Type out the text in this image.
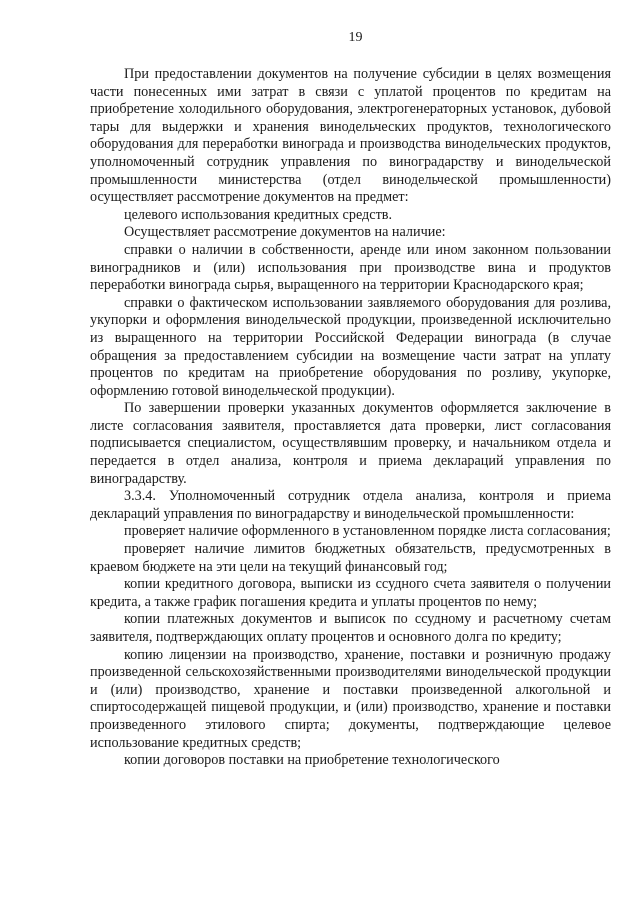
19

При предоставлении документов на получение субсидии в целях возмещения части понесенных ими затрат в связи с уплатой процентов по кредитам на приобретение холодильного оборудования, электрогенераторных установок, дубовой тары для выдержки и хранения винодельческих продуктов, технологического оборудования для переработки винограда и производства винодельческих продуктов, уполномоченный сотрудник управления по виноградарству и винодельческой промышленности министерства (отдел винодельческой промышленности) осуществляет рассмотрение документов на предмет:

целевого использования кредитных средств.

Осуществляет рассмотрение документов на наличие:

справки о наличии в собственности, аренде или ином законном пользовании виноградников и (или) использования при производстве вина и продуктов переработки винограда сырья, выращенного на территории Краснодарского края;

справки о фактическом использовании заявляемого оборудования для розлива, укупорки и оформления винодельческой продукции, произведенной исключительно из выращенного на территории Российской Федерации винограда (в случае обращения за предоставлением субсидии на возмещение части затрат на уплату процентов по кредитам на приобретение оборудования по розливу, укупорке, оформлению готовой винодельческой продукции).

По завершении проверки указанных документов оформляется заключение в листе согласования заявителя, проставляется дата проверки, лист согласования подписывается специалистом, осуществлявшим проверку, и начальником отдела и передается в отдел анализа, контроля и приема деклараций управления по виноградарству.

3.3.4. Уполномоченный сотрудник отдела анализа, контроля и приема деклараций управления по виноградарству и винодельческой промышленности:

проверяет наличие оформленного в установленном порядке листа согласования;

проверяет наличие лимитов бюджетных обязательств, предусмотренных в краевом бюджете на эти цели на текущий финансовый год;

копии кредитного договора, выписки из ссудного счета заявителя о получении кредита, а также график погашения кредита и уплаты процентов по нему;

копии платежных документов и выписок по ссудному и расчетному счетам заявителя, подтверждающих оплату процентов и основного долга по кредиту;

копию лицензии на производство, хранение, поставки и розничную продажу произведенной сельскохозяйственными производителями винодельческой продукции и (или) производство, хранение и поставки произведенной алкогольной и спиртосодержащей пищевой продукции, и (или) производство, хранение и поставки произведенного этилового спирта; документы, подтверждающие целевое использование кредитных средств;

копии договоров поставки на приобретение технологического
